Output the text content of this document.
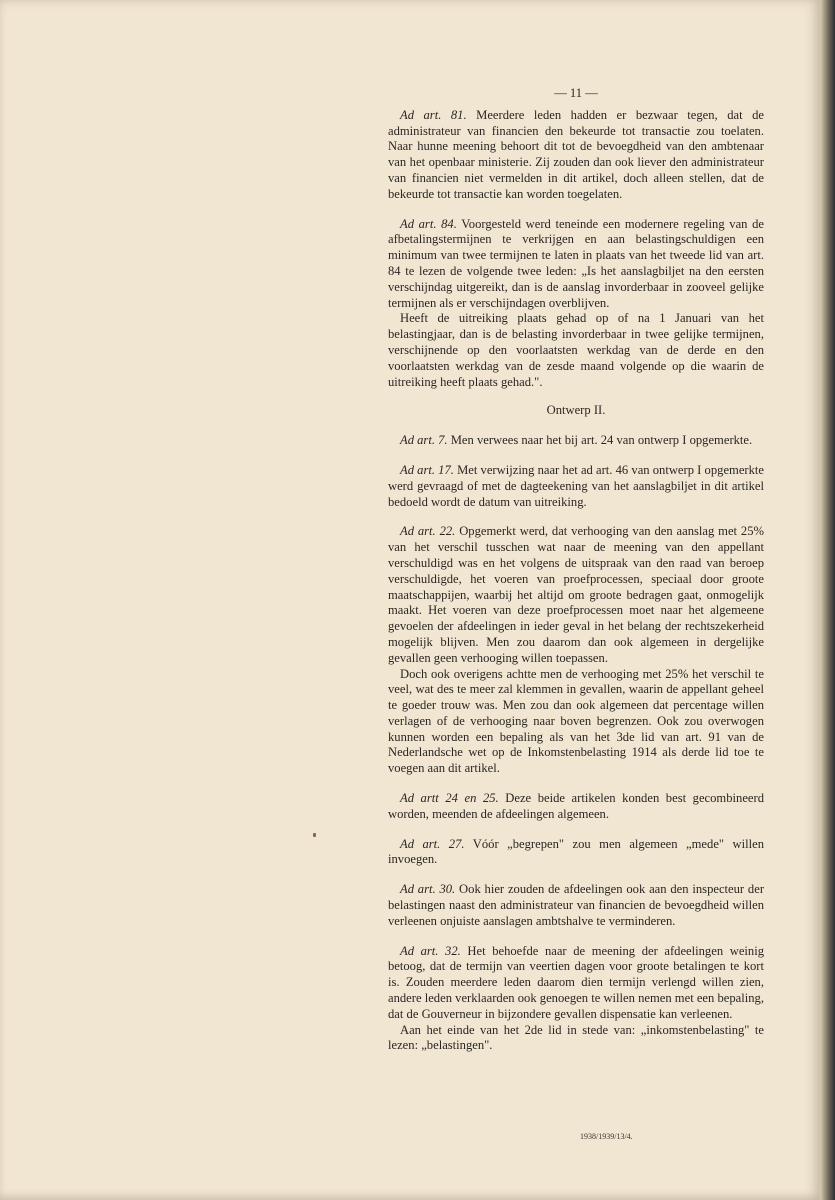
— 11 —

Ad art. 81. Meerdere leden hadden er bezwaar tegen, dat de administrateur van financien den bekeurde tot transactie zou toelaten. Naar hunne meening behoort dit tot de bevoegdheid van den ambtenaar van het openbaar ministerie. Zij zouden dan ook liever den administrateur van financien niet vermelden in dit artikel, doch alleen stellen, dat de bekeurde tot transactie kan worden toegelaten.

Ad art. 84. Voorgesteld werd teneinde een modernere regeling van de afbetalingstermijnen te verkrijgen en aan belastingschuldigen een minimum van twee termijnen te laten in plaats van het tweede lid van art. 84 te lezen de volgende twee leden: „Is het aanslagbiljet na den eersten verschijndag uitgereikt, dan is de aanslag invorderbaar in zooveel gelijke termijnen als er verschijndagen overblijven.

Heeft de uitreiking plaats gehad op of na 1 Januari van het belastingjaar, dan is de belasting invorderbaar in twee gelijke termijnen, verschijnende op den voorlaatsten werkdag van de derde en den voorlaatsten werkdag van de zesde maand volgende op die waarin de uitreiking heeft plaats gehad.".

Ontwerp II.

Ad art. 7. Men verwees naar het bij art. 24 van ontwerp I opgemerkte.

Ad art. 17. Met verwijzing naar het ad art. 46 van ontwerp I opgemerkte werd gevraagd of met de dagteekening van het aanslagbiljet in dit artikel bedoeld wordt de datum van uitreiking.

Ad art. 22. Opgemerkt werd, dat verhooging van den aanslag met 25% van het verschil tusschen wat naar de meening van den appellant verschuldigd was en het volgens de uitspraak van den raad van beroep verschuldigde, het voeren van proefprocessen, speciaal door groote maatschappijen, waarbij het altijd om groote bedragen gaat, onmogelijk maakt. Het voeren van deze proefprocessen moet naar het algemeene gevoelen der afdeelingen in ieder geval in het belang der rechtszekerheid mogelijk blijven. Men zou daarom dan ook algemeen in dergelijke gevallen geen verhooging willen toepassen.

Doch ook overigens achtte men de verhooging met 25% het verschil te veel, wat des te meer zal klemmen in gevallen, waarin de appellant geheel te goeder trouw was. Men zou dan ook algemeen dat percentage willen verlagen of de verhooging naar boven begrenzen. Ook zou overwogen kunnen worden een bepaling als van het 3de lid van art. 91 van de Nederlandsche wet op de Inkomstenbelasting 1914 als derde lid toe te voegen aan dit artikel.

Ad artt 24 en 25. Deze beide artikelen konden best gecombineerd worden, meenden de afdeelingen algemeen.

Ad art. 27. Vóór „begrepen" zou men algemeen „mede" willen invoegen.

Ad art. 30. Ook hier zouden de afdeelingen ook aan den inspecteur der belastingen naast den administrateur van financien de bevoegdheid willen verleenen onjuiste aanslagen ambtshalve te verminderen.

Ad art. 32. Het behoefde naar de meening der afdeelingen weinig betoog, dat de termijn van veertien dagen voor groote betalingen te kort is. Zouden meerdere leden daarom dien termijn verlengd willen zien, andere leden verklaarden ook genoegen te willen nemen met een bepaling, dat de Gouverneur in bijzondere gevallen dispensatie kan verleenen.

Aan het einde van het 2de lid in stede van: „inkomstenbelasting" te lezen: „belastingen".

1938/1939/13/4.
